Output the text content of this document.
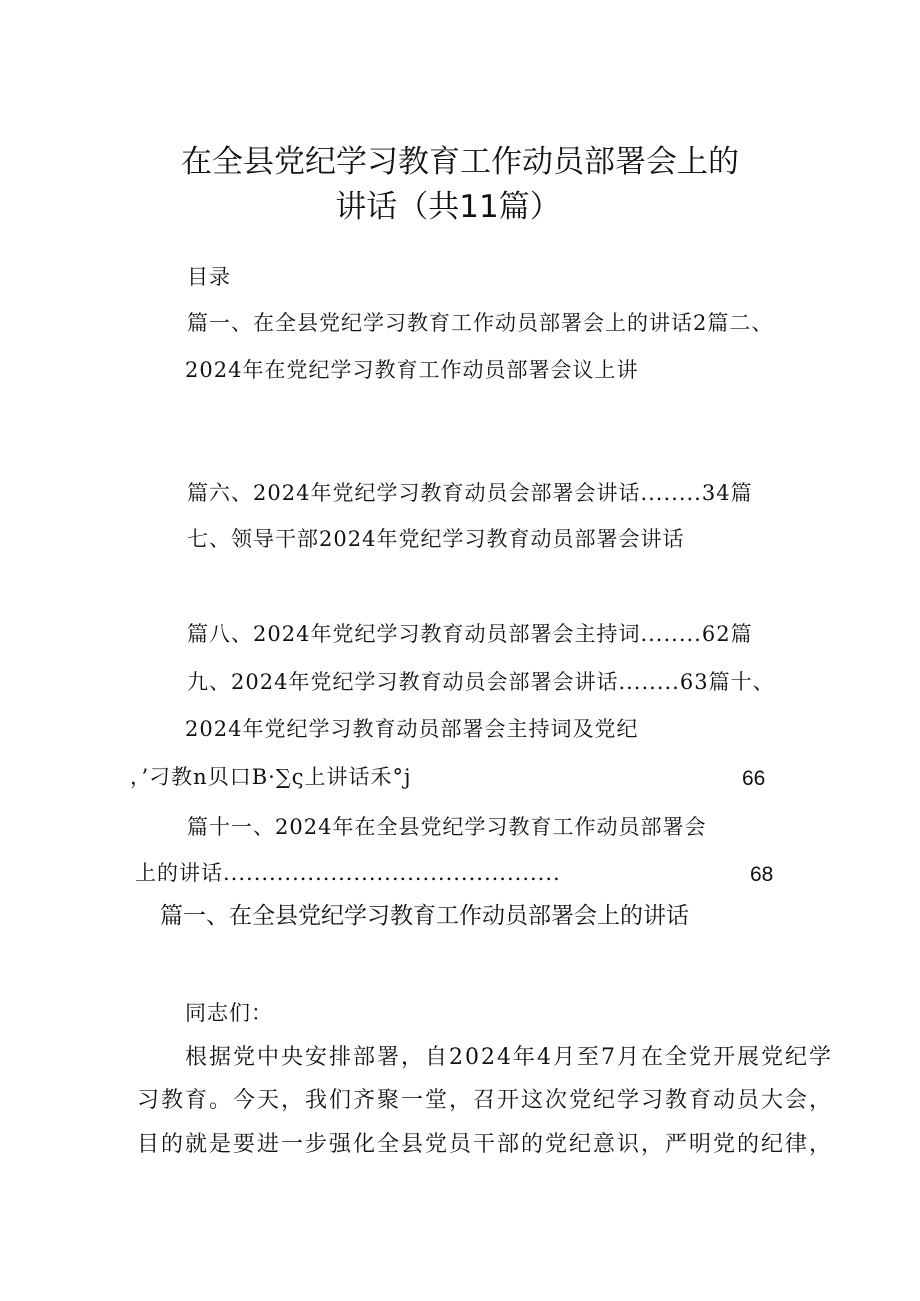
在全县党纪学习教育工作动员部署会上的
讲话（共11篇）
目录
篇一、在全县党纪学习教育工作动员部署会上的讲话2篇二、
2024年在党纪学习教育工作动员部署会议上讲
篇六、2024年党纪学习教育动员会部署会讲话........34篇
七、领导干部2024年党纪学习教育动员部署会讲话
篇八、2024年党纪学习教育动员部署会主持词........62篇
九、2024年党纪学习教育动员会部署会讲话........63篇十、
2024年党纪学习教育动员部署会主持词及党纪
，’刁教n贝口B·∑ς上讲话禾°j	66
篇十一、2024年在全县党纪学习教育工作动员部署会
上的讲话............................................	68
篇一、在全县党纪学习教育工作动员部署会上的讲话
同志们：
根据党中央安排部署，自2024年4月至7月在全党开展党纪学
习教育。今天，我们齐聚一堂，召开这次党纪学习教育动员大会，
目的就是要进一步强化全县党员干部的党纪意识，严明党的纪律，
